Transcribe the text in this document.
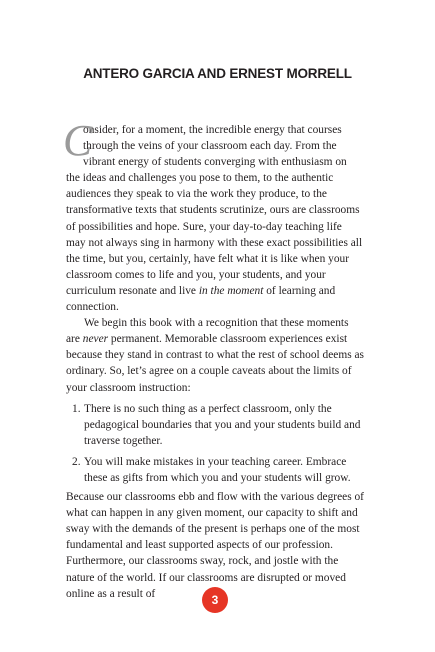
ANTERO GARCIA AND ERNEST MORRELL
C
onsider, for a moment, the incredible energy that courses
through the veins of your classroom each day. From the
vibrant energy of students converging with enthusiasm on

the ideas and challenges you pose to them, to the authentic audiences they speak to via the work they produce, to the transformative texts that students scrutinize, ours are classrooms of possibilities and hope. Sure, your day-to-day teaching life may not always sing in harmony with these exact possibilities all the time, but you, certainly, have felt what it is like when your classroom comes to life and you, your students, and your curriculum resonate and live in the moment of learning and connection.

We begin this book with a recognition that these moments are never permanent. Memorable classroom experiences exist because they stand in contrast to what the rest of school deems as ordinary. So, let’s agree on a couple caveats about the limits of your classroom instruction:

1. There is no such thing as a perfect classroom, only the pedagogical boundaries that you and your students build and traverse together.
2. You will make mistakes in your teaching career. Embrace these as gifts from which you and your students will grow.

Because our classrooms ebb and flow with the various degrees of what can happen in any given moment, our capacity to shift and sway with the demands of the present is perhaps one of the most fundamental and least supported aspects of our profession. Furthermore, our classrooms sway, rock, and jostle with the nature of the world. If our classrooms are disrupted or moved online as a result of	3
